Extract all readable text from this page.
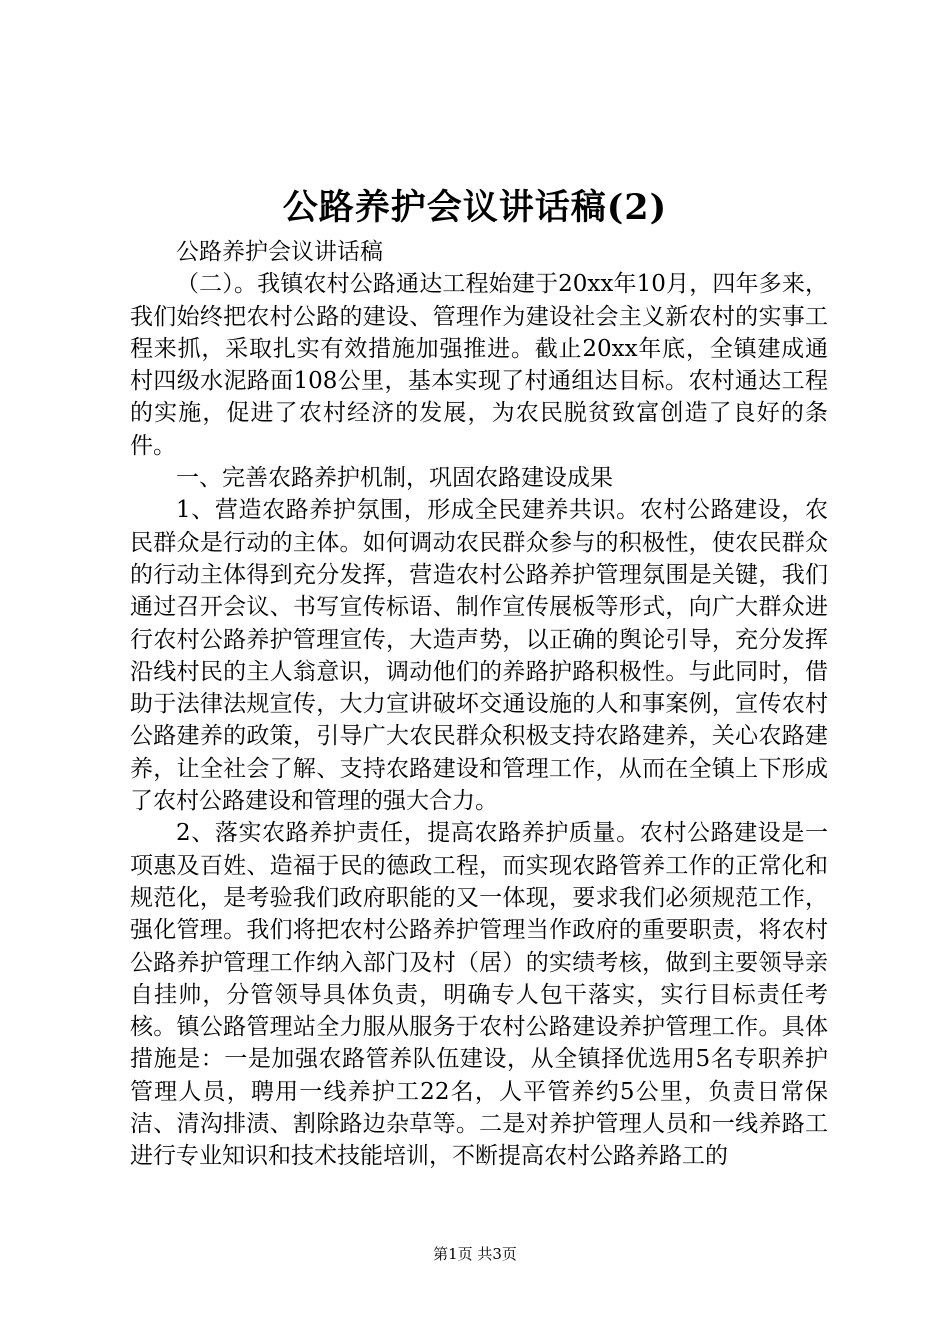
公路养护会议讲话稿(2)

公路养护会议讲话稿

（二）。我镇农村公路通达工程始建于20xx年10月，四年多来，我们始终把农村公路的建设、管理作为建设社会主义新农村的实事工程来抓，采取扎实有效措施加强推进。截止20xx年底，全镇建成通村四级水泥路面108公里，基本实现了村通组达目标。农村通达工程的实施，促进了农村经济的发展，为农民脱贫致富创造了良好的条件。

一、完善农路养护机制，巩固农路建设成果

1、营造农路养护氛围，形成全民建养共识。农村公路建设，农民群众是行动的主体。如何调动农民群众参与的积极性，使农民群众的行动主体得到充分发挥，营造农村公路养护管理氛围是关键，我们通过召开会议、书写宣传标语、制作宣传展板等形式，向广大群众进行农村公路养护管理宣传，大造声势，以正确的舆论引导，充分发挥沿线村民的主人翁意识，调动他们的养路护路积极性。与此同时，借助于法律法规宣传，大力宣讲破坏交通设施的人和事案例，宣传农村公路建养的政策，引导广大农民群众积极支持农路建养，关心农路建养，让全社会了解、支持农路建设和管理工作，从而在全镇上下形成了农村公路建设和管理的强大合力。

2、落实农路养护责任，提高农路养护质量。农村公路建设是一项惠及百姓、造福于民的德政工程，而实现农路管养工作的正常化和规范化，是考验我们政府职能的又一体现，要求我们必须规范工作，强化管理。我们将把农村公路养护管理当作政府的重要职责，将农村公路养护管理工作纳入部门及村（居）的实绩考核，做到主要领导亲自挂帅，分管领导具体负责，明确专人包干落实，实行目标责任考核。镇公路管理站全力服从服务于农村公路建设养护管理工作。具体措施是：一是加强农路管养队伍建设，从全镇择优选用5名专职养护管理人员，聘用一线养护工22名，人平管养约5公里，负责日常保洁、清沟排渍、割除路边杂草等。二是对养护管理人员和一线养路工进行专业知识和技术技能培训，不断提高农村公路养路工的

第1页 共3页
